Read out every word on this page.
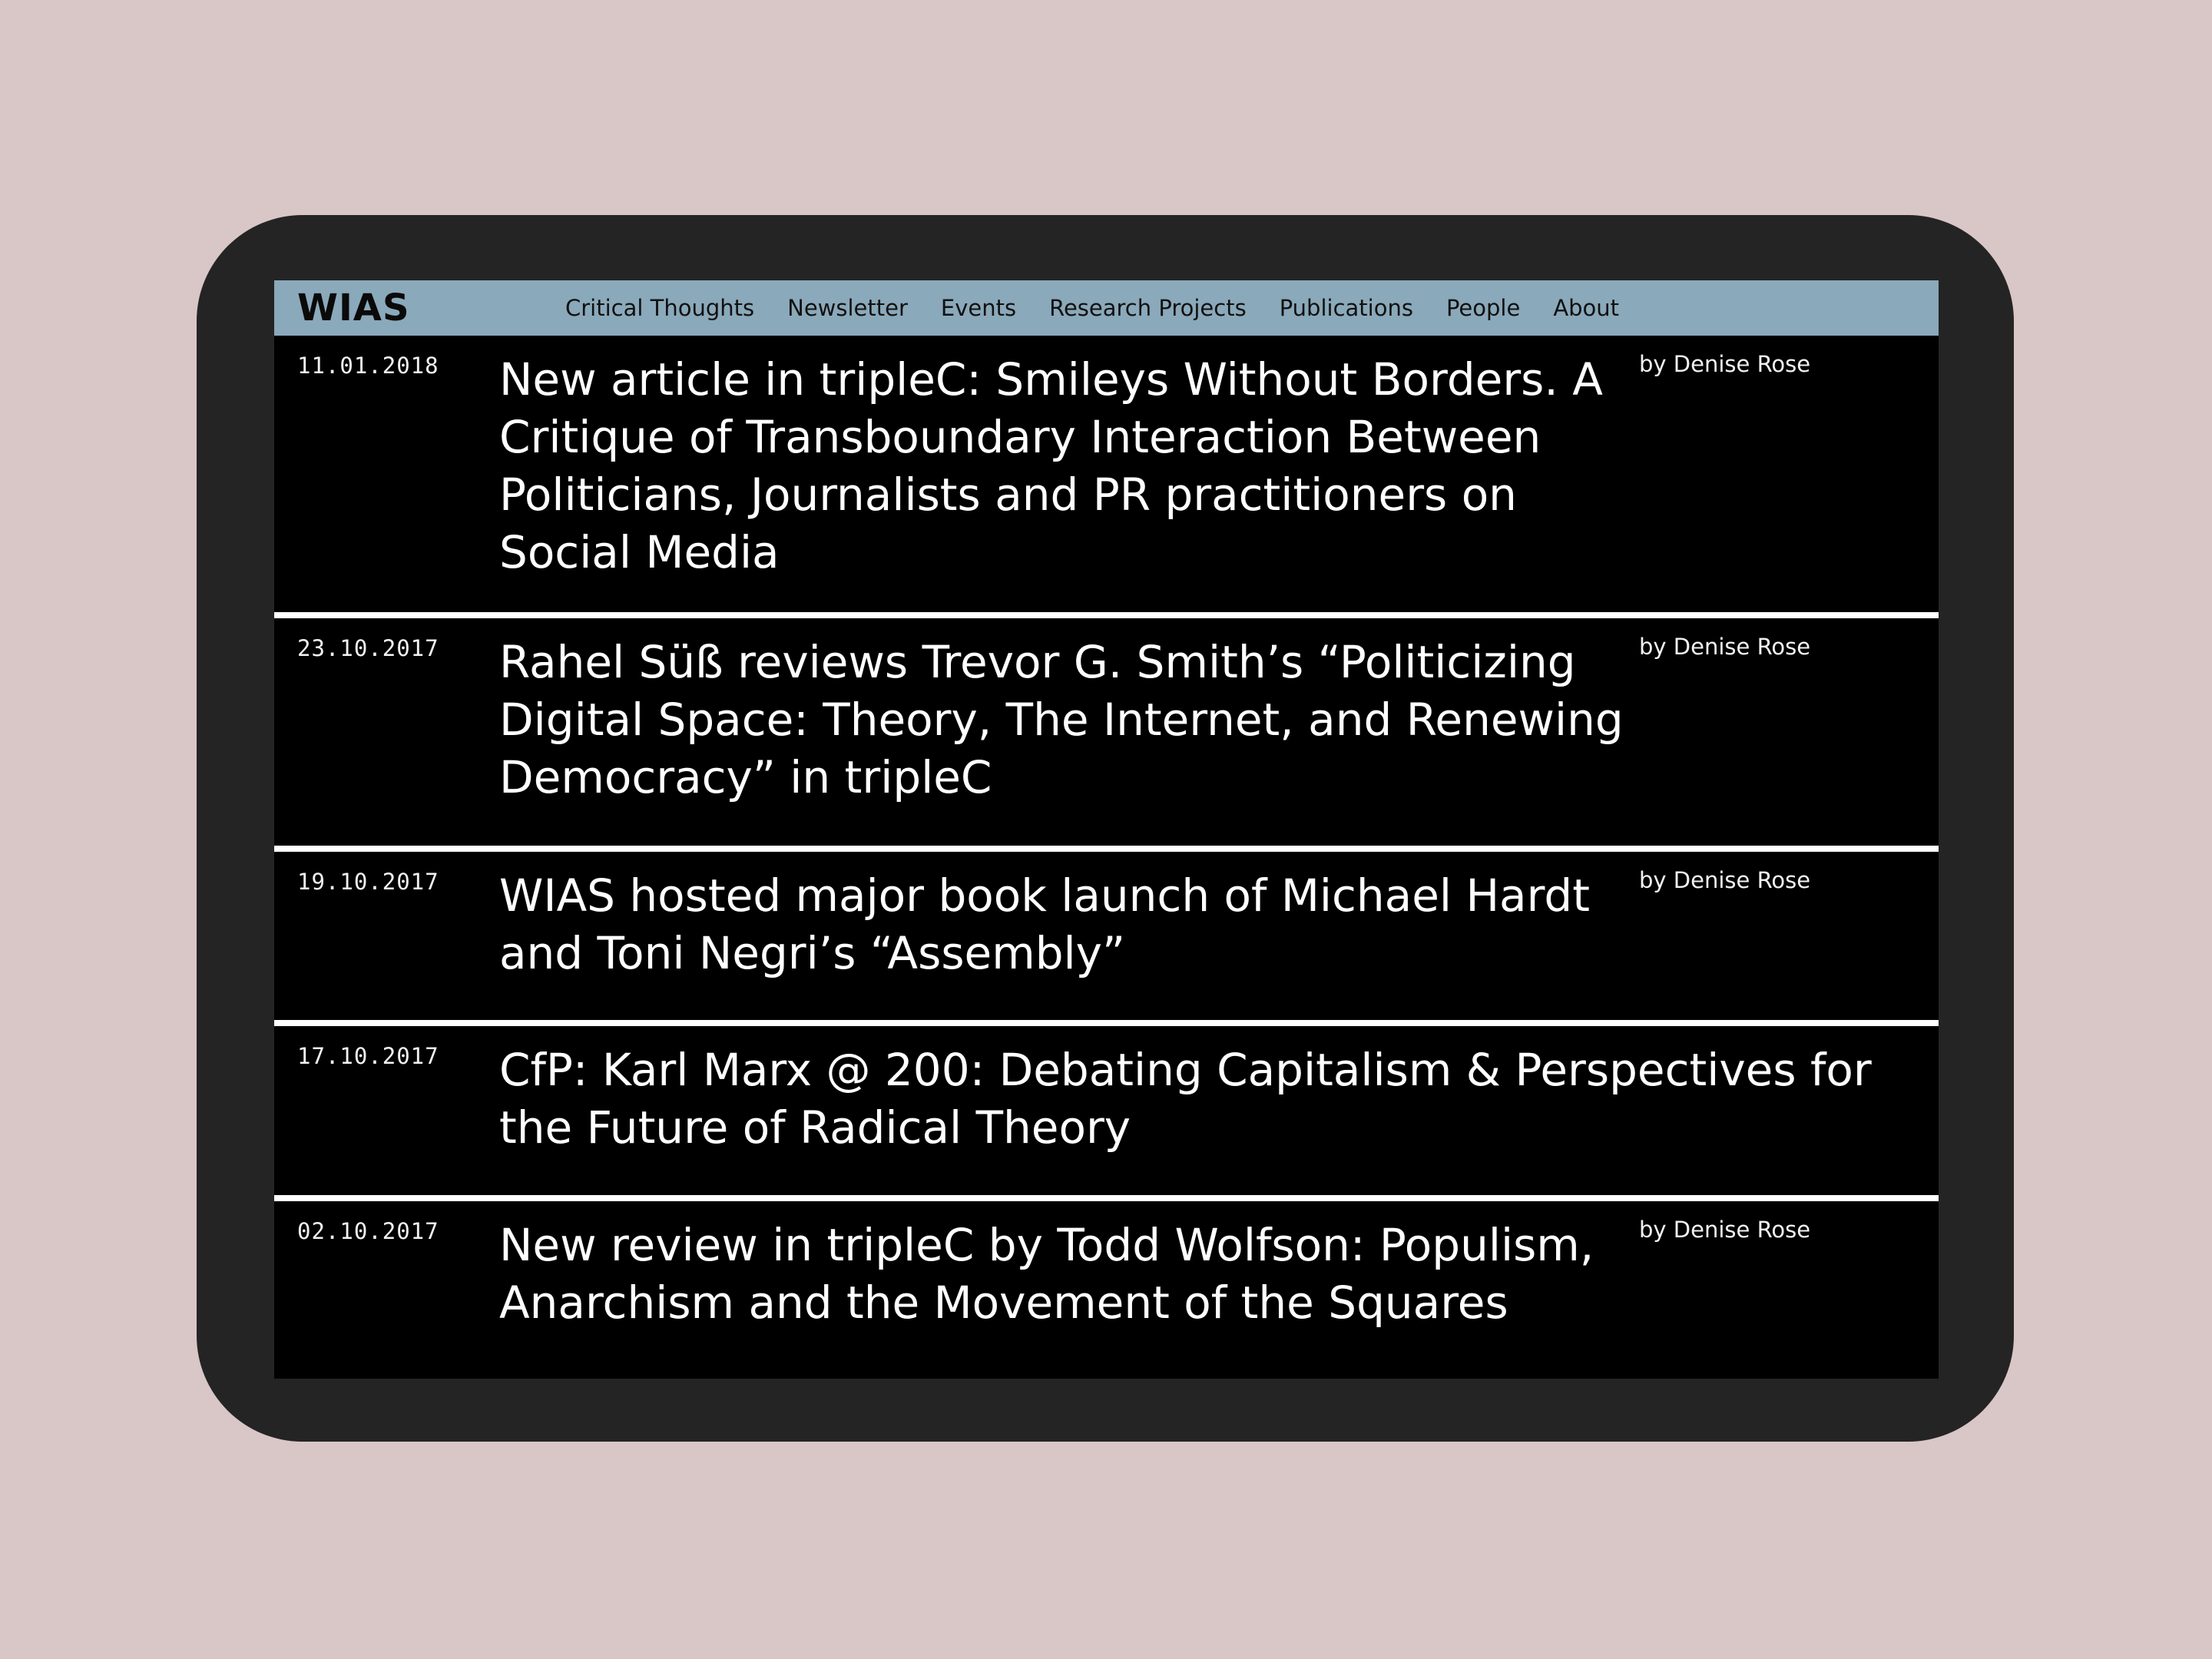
WIAS	Critical Thoughts Newsletter Events Research Projects Publications People About
11.01.2018 New article in tripleC: Smileys Without Borders. A Critique of Transboundary Interaction Between Politicians, Journalists and PR practitioners on Social Media
by Denise Rose
23.10.2017 Rahel Süß reviews Trevor G. Smith’s “Politicizing Digital Space: Theory, The Internet, and Renewing Democracy” in tripleC
by Denise Rose
19.10.2017 WIAS hosted major book launch of Michael Hardt and Toni Negri’s “Assembly”
by Denise Rose
17.10.2017 CfP: Karl Marx @ 200: Debating Capitalism & Perspectives for the Future of Radical Theory
02.10.2017 New review in tripleC by Todd Wolfson: Populism, Anarchism and the Movement of the Squares
by Denise Rose
